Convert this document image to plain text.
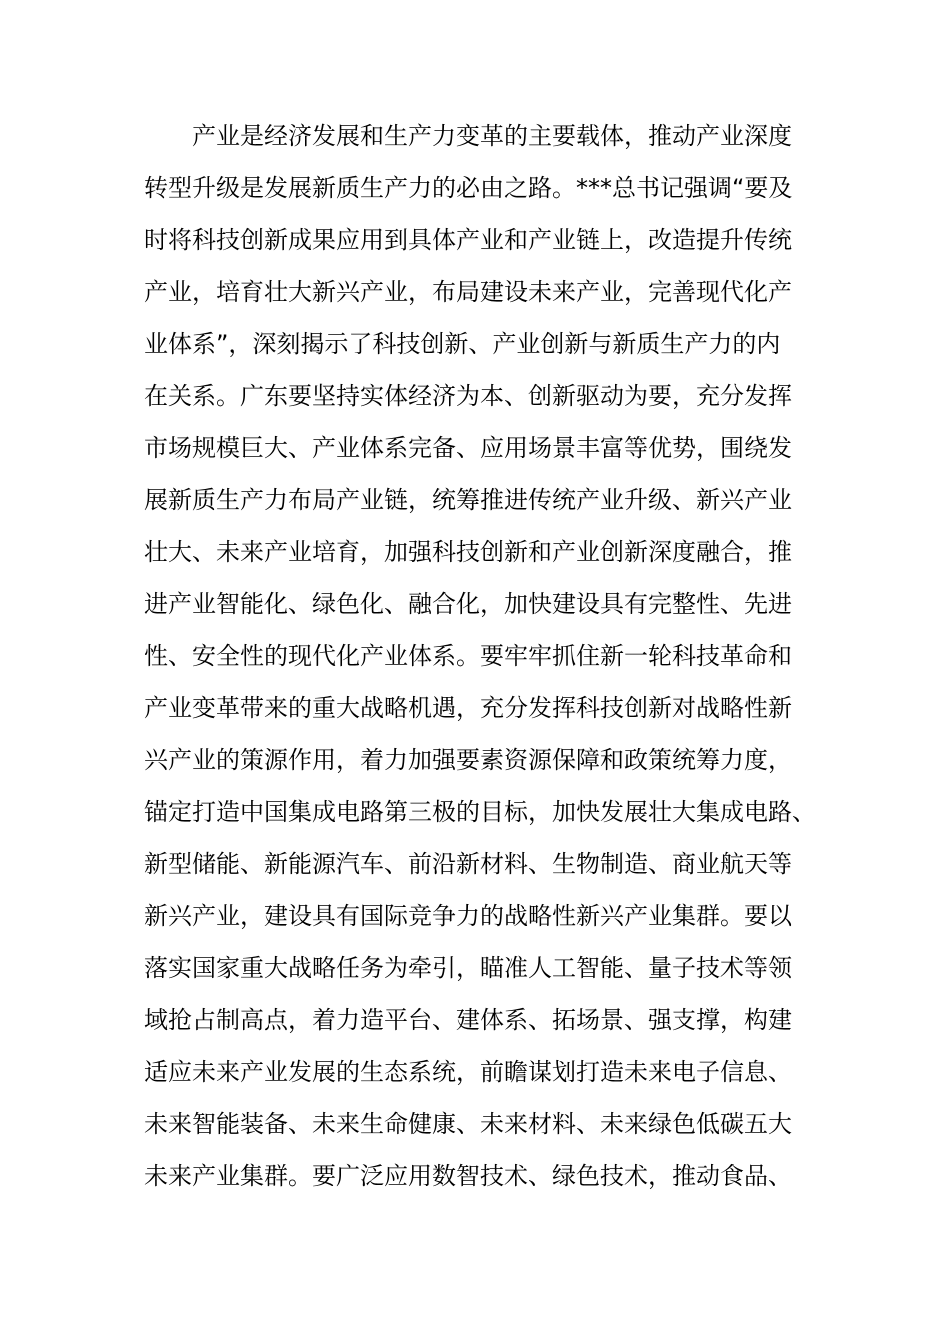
产业是经济发展和生产力变革的主要载体，推动产业深度
转型升级是发展新质生产力的必由之路。***总书记强调“要及
时将科技创新成果应用到具体产业和产业链上，改造提升传统
产业，培育壮大新兴产业，布局建设未来产业，完善现代化产
业体系”，深刻揭示了科技创新、产业创新与新质生产力的内
在关系。广东要坚持实体经济为本、创新驱动为要，充分发挥
市场规模巨大、产业体系完备、应用场景丰富等优势，围绕发
展新质生产力布局产业链，统筹推进传统产业升级、新兴产业
壮大、未来产业培育，加强科技创新和产业创新深度融合，推
进产业智能化、绿色化、融合化，加快建设具有完整性、先进
性、安全性的现代化产业体系。要牢牢抓住新一轮科技革命和
产业变革带来的重大战略机遇，充分发挥科技创新对战略性新
兴产业的策源作用，着力加强要素资源保障和政策统筹力度，
锚定打造中国集成电路第三极的目标，加快发展壮大集成电路、
新型储能、新能源汽车、前沿新材料、生物制造、商业航天等
新兴产业，建设具有国际竞争力的战略性新兴产业集群。要以
落实国家重大战略任务为牵引，瞄准人工智能、量子技术等领
域抢占制高点，着力造平台、建体系、拓场景、强支撑，构建
适应未来产业发展的生态系统，前瞻谋划打造未来电子信息、
未来智能装备、未来生命健康、未来材料、未来绿色低碳五大
未来产业集群。要广泛应用数智技术、绿色技术，推动食品、
